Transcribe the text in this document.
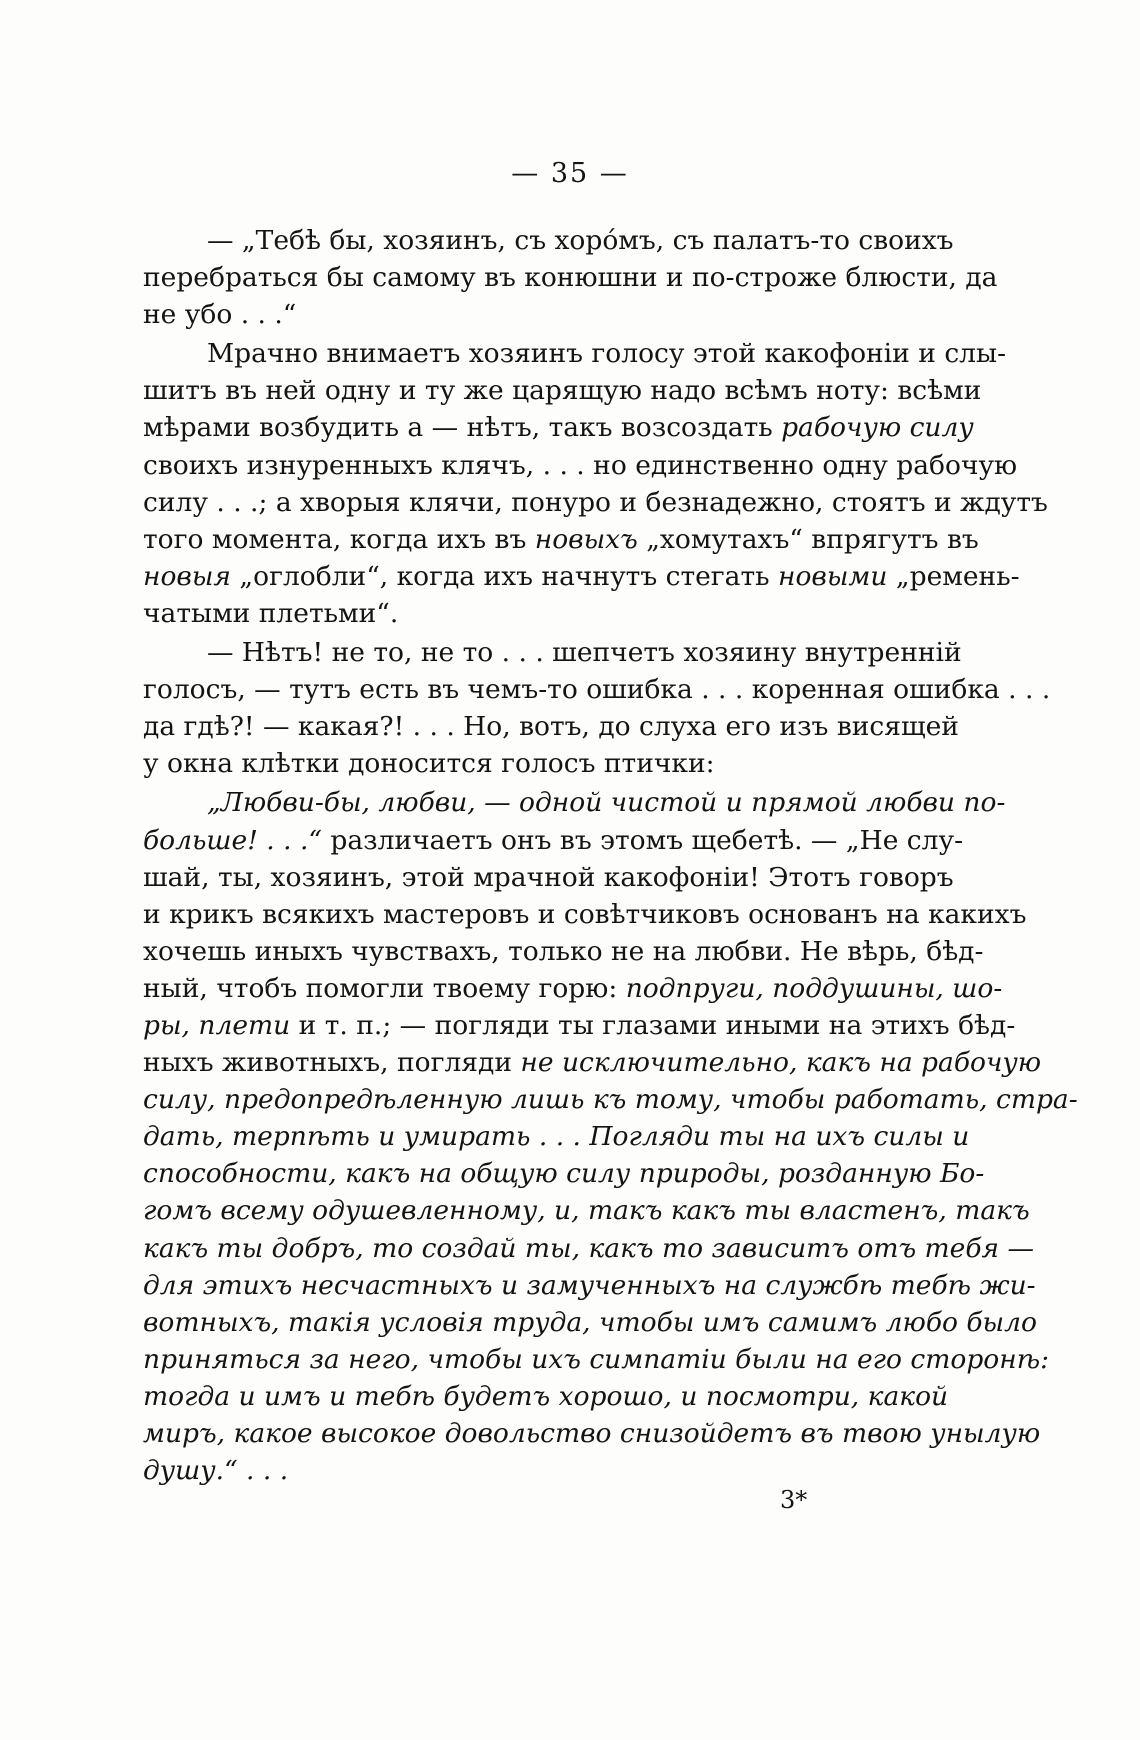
— 35 —
— „Тебѣ бы, хозяинъ, съ хоро́мъ, съ палатъ-то своихъ
перебраться бы самому въ конюшни и по-строже блюсти, да
не убо . . .“
Мрачно внимаетъ хозяинъ голосу этой какофоніи и слы-
шитъ въ ней одну и ту же царящую надо всѣмъ ноту: всѣми
мѣрами возбудить а — нѣтъ, такъ возсоздать рабочую силу
своихъ изнуренныхъ клячъ, . . . но единственно одну рабочую
силу . . .; а хворыя клячи, понуро и безнадежно, стоятъ и ждутъ
того момента, когда ихъ въ новыхъ „хомутахъ“ впрягутъ въ
новыя „оглобли“, когда ихъ начнутъ стегать новыми „ремень-
чатыми плетьми“.
— Нѣтъ! не то, не то . . . шепчетъ хозяину внутренній
голосъ, — тутъ есть въ чемъ-то ошибка . . . коренная ошибка . . .
да гдѣ?! — какая?! . . . Но, вотъ, до слуха его изъ висящей
у окна клѣтки доносится голосъ птички:
„Любви-бы, любви, — одной чистой и прямой любви по-
больше! . . .“ различаетъ онъ въ этомъ щебетѣ. — „Не слу-
шай, ты, хозяинъ, этой мрачной какофоніи! Этотъ говоръ
и крикъ всякихъ мастеровъ и совѣтчиковъ основанъ на какихъ
хочешь иныхъ чувствахъ, только не на любви. Не вѣрь, бѣд-
ный, чтобъ помогли твоему горю: подпруги, поддушины, шо-
ры, плети и т. п.; — погляди ты глазами иными на этихъ бѣд-
ныхъ животныхъ, погляди не исключительно, какъ на рабочую
силу, предопредѣленную лишь къ тому, чтобы работать, стра-
дать, терпѣть и умирать . . . Погляди ты на ихъ силы и
способности, какъ на общую силу природы, розданную Бо-
гомъ всему одушевленному, и, такъ какъ ты властенъ, такъ
какъ ты добръ, то создай ты, какъ то зависитъ отъ тебя —
для этихъ несчастныхъ и замученныхъ на службѣ тебѣ жи-
вотныхъ, такія условія труда, чтобы имъ самимъ любо было
приняться за него, чтобы ихъ симпатіи были на его сторонѣ:
тогда и имъ и тебѣ будетъ хорошо, и посмотри, какой
миръ, какое высокое довольство снизойдетъ въ твою унылую
душу.“ . . .
3*
